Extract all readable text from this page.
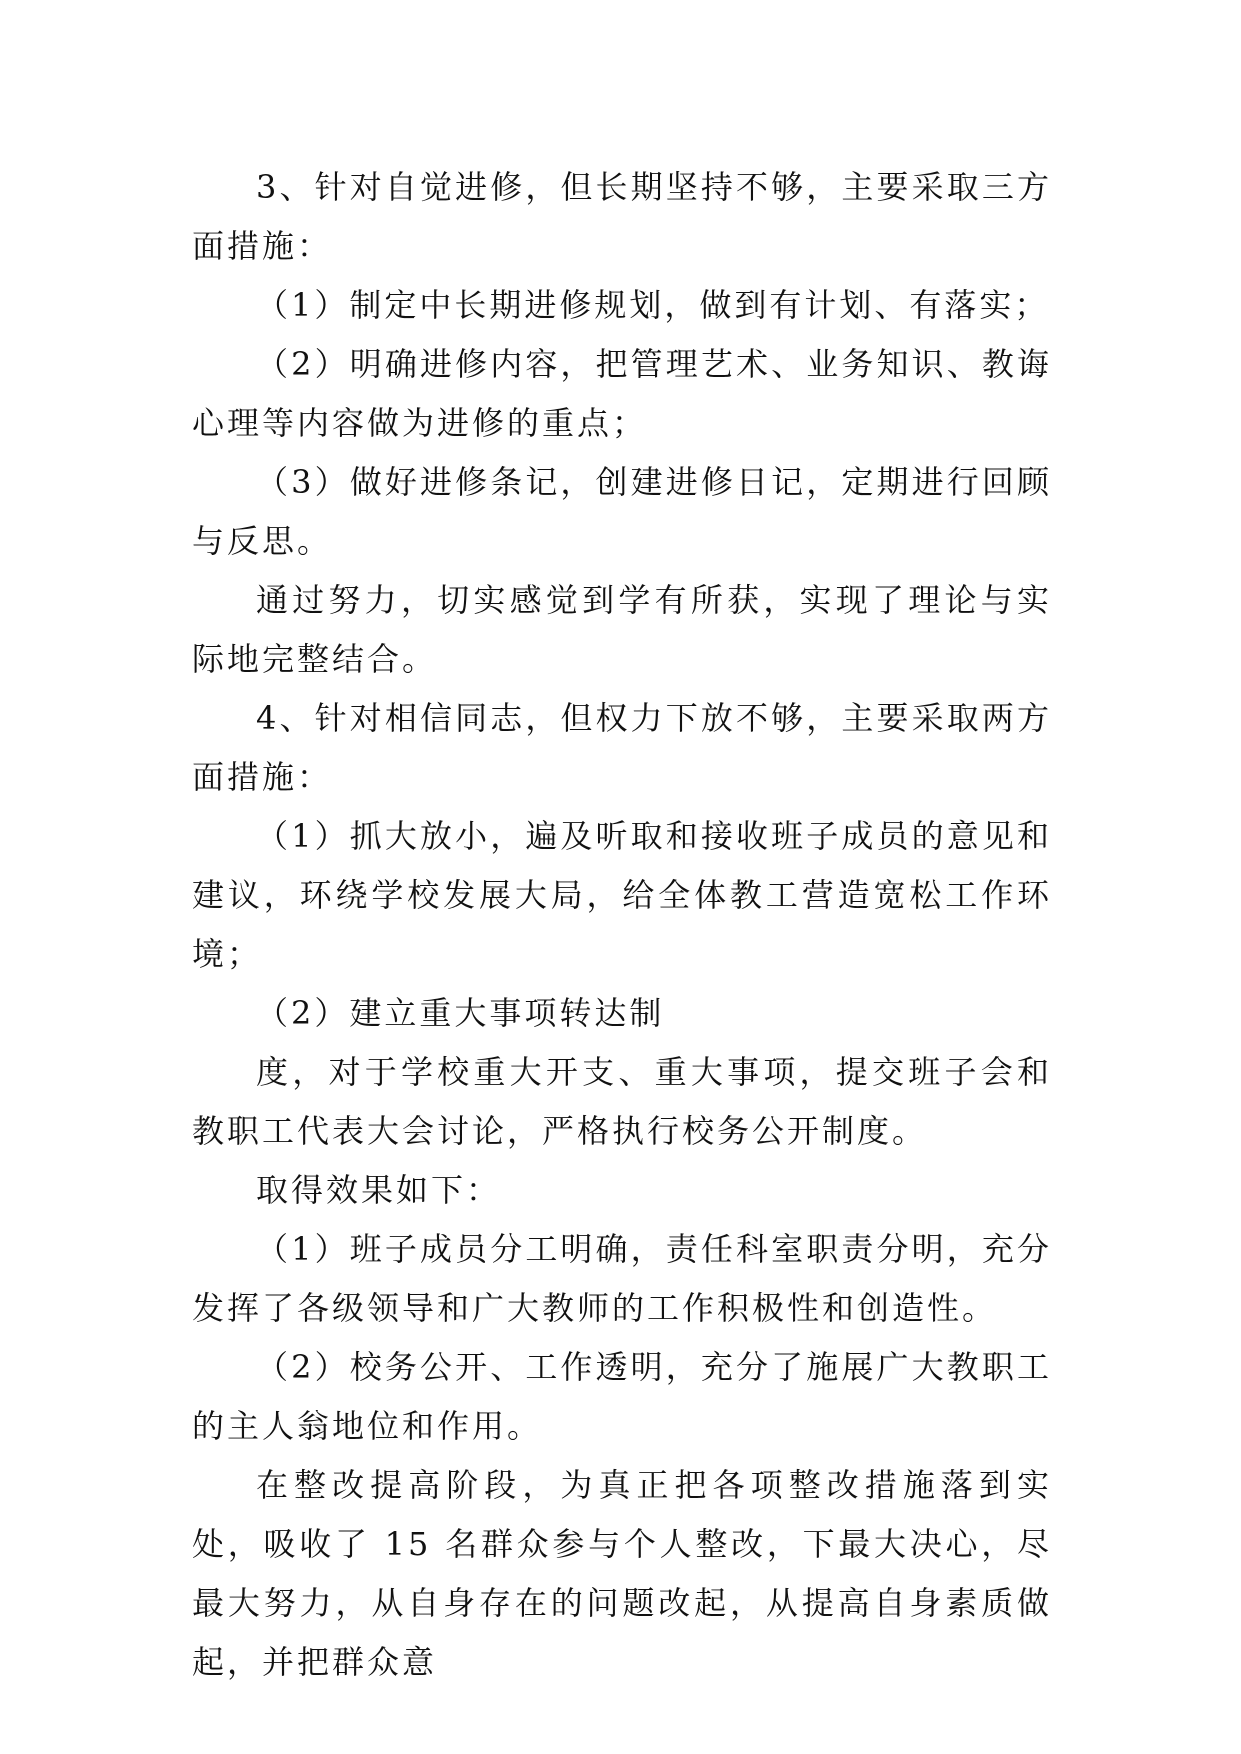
3、针对自觉进修，但长期坚持不够，主要采取三方面措施：

（1）制定中长期进修规划，做到有计划、有落实；

（2）明确进修内容，把管理艺术、业务知识、教诲心理等内容做为进修的重点；

（3）做好进修条记，创建进修日记，定期进行回顾与反思。

通过努力，切实感觉到学有所获，实现了理论与实际地完整结合。

4、针对相信同志，但权力下放不够，主要采取两方面措施：

（1）抓大放小，遍及听取和接收班子成员的意见和建议，环绕学校发展大局，给全体教工营造宽松工作环境；

（2）建立重大事项转达制

度，对于学校重大开支、重大事项，提交班子会和教职工代表大会讨论，严格执行校务公开制度。

取得效果如下：

（1）班子成员分工明确，责任科室职责分明，充分发挥了各级领导和广大教师的工作积极性和创造性。

（2）校务公开、工作透明，充分了施展广大教职工的主人翁地位和作用。

在整改提高阶段，为真正把各项整改措施落到实处，吸收了 15 名群众参与个人整改，下最大决心，尽最大努力，从自身存在的问题改起，从提高自身素质做起，并把群众意
